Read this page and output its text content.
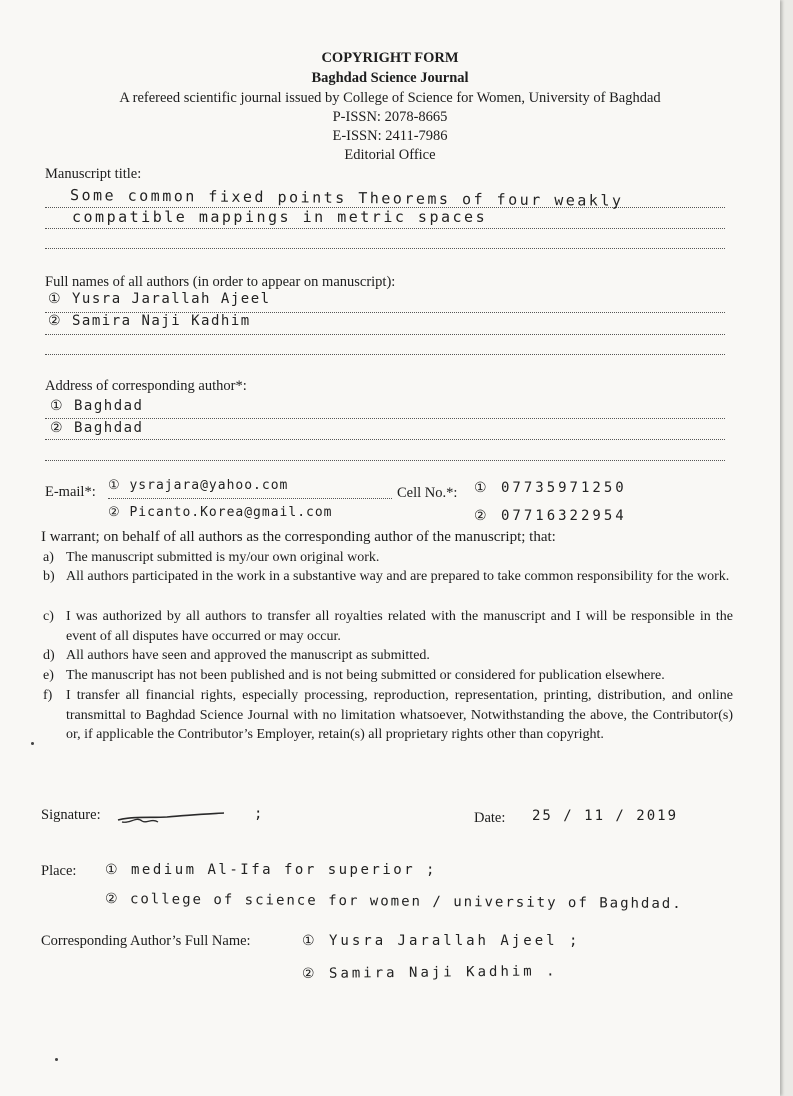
COPYRIGHT FORM
Baghdad Science Journal
A refereed scientific journal issued by College of Science for Women, University of Baghdad
P-ISSN: 2078-8665
E-ISSN: 2411-7986
Editorial Office
Manuscript title:
Some common fixed points Theorems of four weakly
compatible mappings in metric spaces
Full names of all authors (in order to appear on manuscript):
① Yusra Jarallah Ajeel
② Samira Naji Kadhim
Address of corresponding author*:
① Baghdad
② Baghdad
E-mail*: ① ysrajara@yahoo.com
② Picanto.Korea@gmail.com
Cell No.*: ① 07735971250
② 07716322954
I warrant; on behalf of all authors as the corresponding author of the manuscript; that:
a) The manuscript submitted is my/our own original work.
b) All authors participated in the work in a substantive way and are prepared to take common responsibility for the work.
c) I was authorized by all authors to transfer all royalties related with the manuscript and I will be responsible in the event of all disputes have occurred or may occur.
d) All authors have seen and approved the manuscript as submitted.
e) The manuscript has not been published and is not being submitted or considered for publication elsewhere.
f) I transfer all financial rights, especially processing, reproduction, representation, printing, distribution, and online transmittal to Baghdad Science Journal with no limitation whatsoever, Notwithstanding the above, the Contributor(s) or, if applicable the Contributor’s Employer, retain(s) all proprietary rights other than copyright.
Signature:	;	Date: 25 / 11 / 2019
Place: ① medium Al-Ifa for superior ;
② college of science for women / university of Baghdad.
Corresponding Author’s Full Name:	① Yusra Jarallah Ajeel ;
② Samira Naji Kadhim .
